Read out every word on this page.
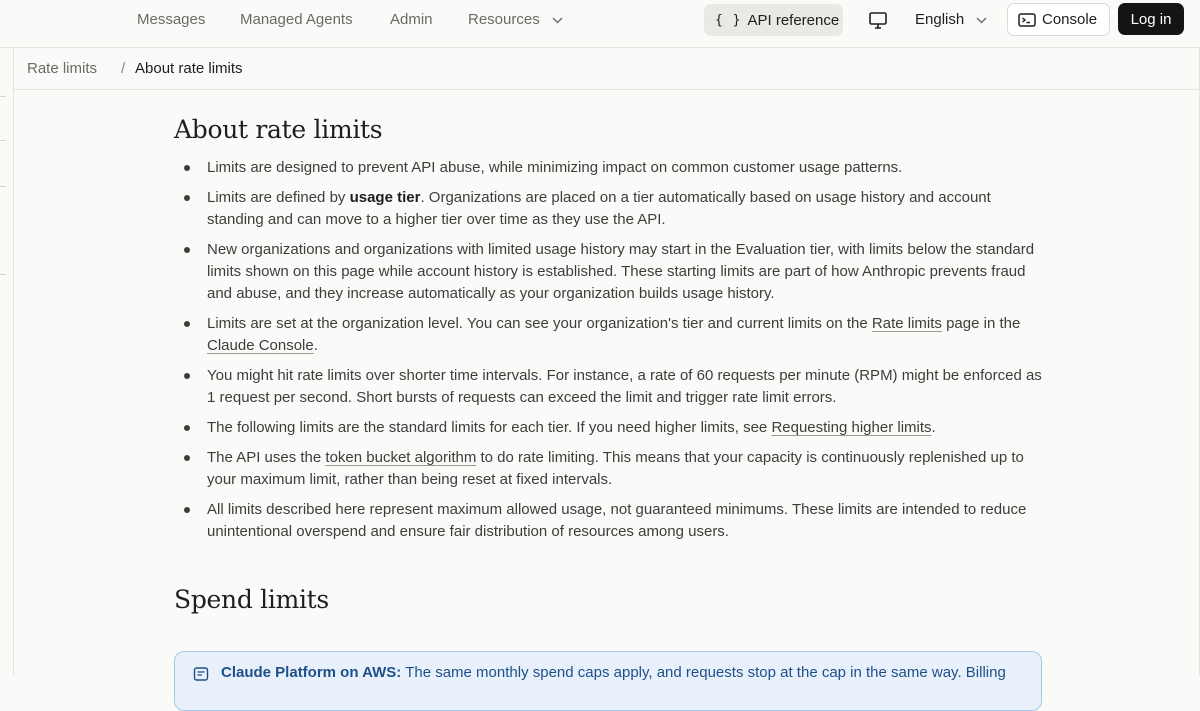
Messages Managed Agents Admin Resources	{ } API reference	English	Console	Log in
Rate limits / About rate limits
About rate limits
Limits are designed to prevent API abuse, while minimizing impact on common customer usage patterns.
Limits are defined by usage tier. Organizations are placed on a tier automatically based on usage history and account standing and can move to a higher tier over time as they use the API.
New organizations and organizations with limited usage history may start in the Evaluation tier, with limits below the standard limits shown on this page while account history is established. These starting limits are part of how Anthropic prevents fraud and abuse, and they increase automatically as your organization builds usage history.
Limits are set at the organization level. You can see your organization's tier and current limits on the Rate limits page in the Claude Console.
You might hit rate limits over shorter time intervals. For instance, a rate of 60 requests per minute (RPM) might be enforced as 1 request per second. Short bursts of requests can exceed the limit and trigger rate limit errors.
The following limits are the standard limits for each tier. If you need higher limits, see Requesting higher limits.
The API uses the token bucket algorithm to do rate limiting. This means that your capacity is continuously replenished up to your maximum limit, rather than being reset at fixed intervals.
All limits described here represent maximum allowed usage, not guaranteed minimums. These limits are intended to reduce unintentional overspend and ensure fair distribution of resources among users.
Spend limits
Claude Platform on AWS: The same monthly spend caps apply, and requests stop at the cap in the same way. Billing
